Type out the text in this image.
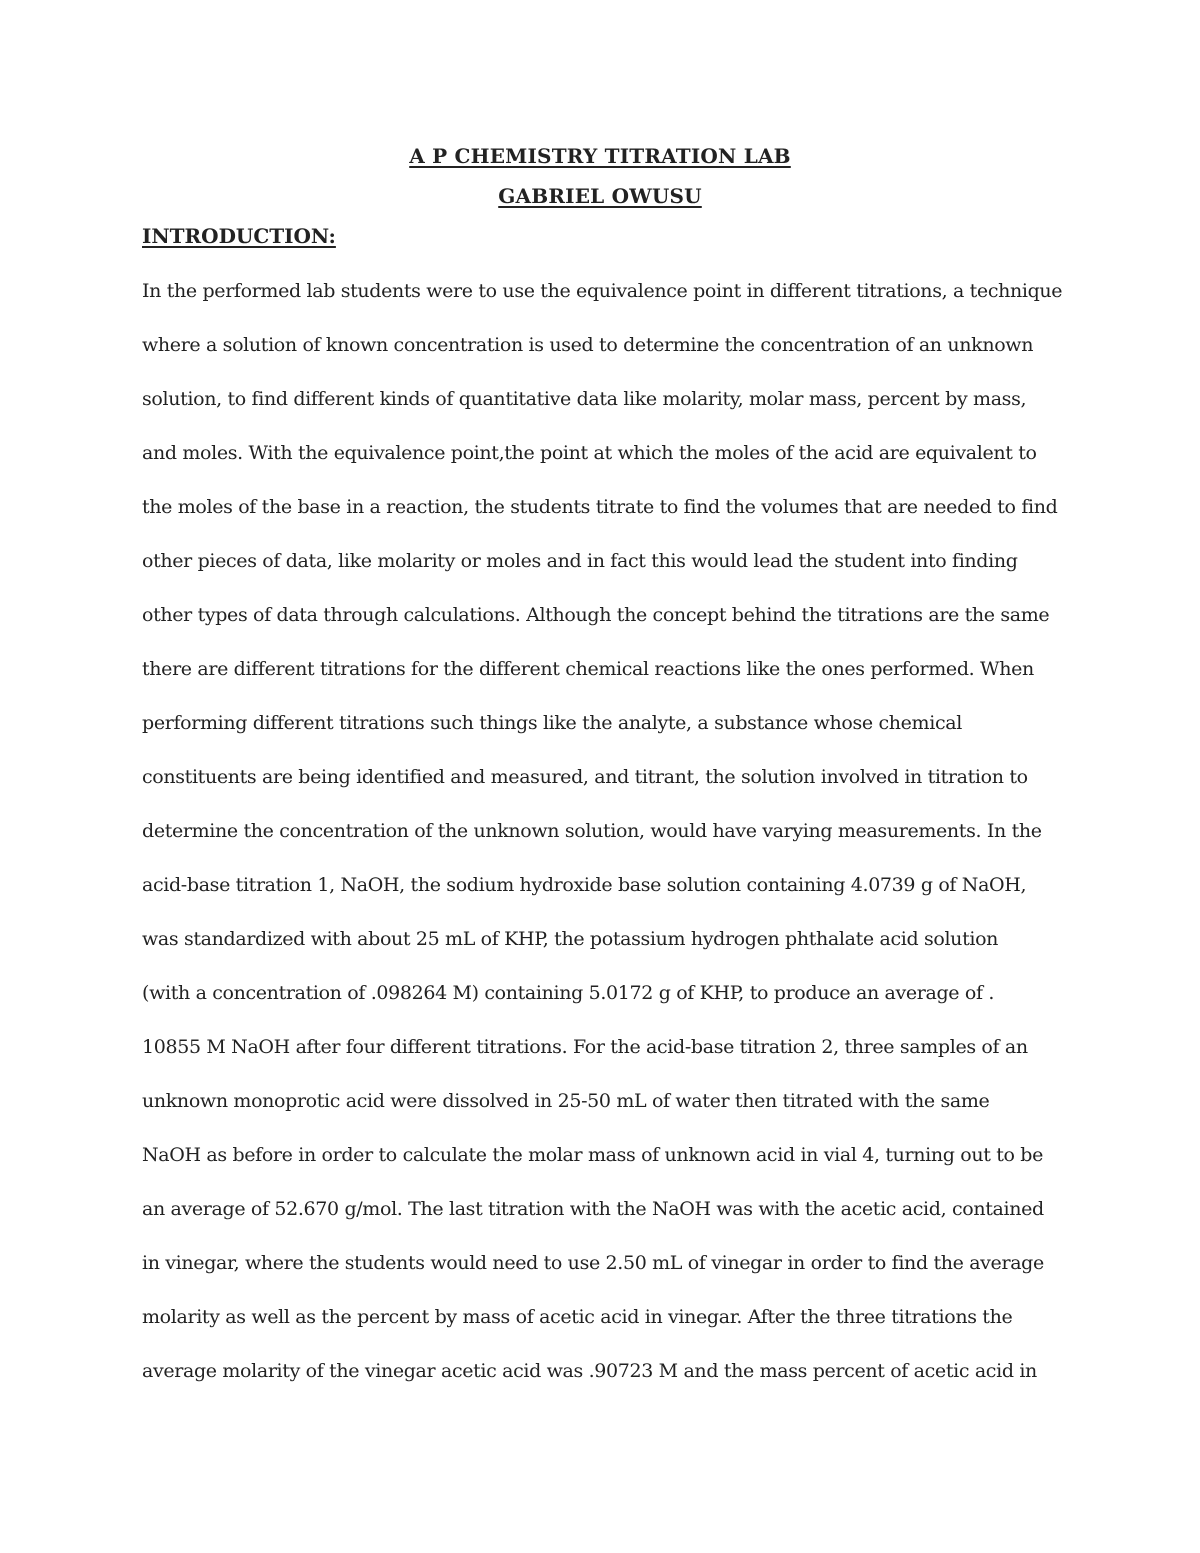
A P CHEMISTRY TITRATION LAB
GABRIEL OWUSU
INTRODUCTION:
In the performed lab students were to use the equivalence point in different titrations, a technique
where a solution of known concentration is used to determine the concentration of an unknown
solution, to find different kinds of quantitative data like molarity, molar mass, percent by mass,
and moles. With the equivalence point,the point at which the moles of the acid are equivalent to
the moles of the base in a reaction, the students titrate to find the volumes that are needed to find
other pieces of data, like molarity or moles and in fact this would lead the student into finding
other types of data through calculations. Although the concept behind the titrations are the same
there are different titrations for the different chemical reactions like the ones performed. When
performing different titrations such things like the analyte, a substance whose chemical
constituents are being identified and measured, and titrant, the solution involved in titration to
determine the concentration of the unknown solution, would have varying measurements. In the
acid-base titration 1, NaOH, the sodium hydroxide base solution containing 4.0739 g of NaOH,
was standardized with about 25 mL of KHP, the potassium hydrogen phthalate acid solution
(with a concentration of .098264 M) containing 5.0172 g of KHP, to produce an average of .
10855 M NaOH after four different titrations. For the acid-base titration 2, three samples of an
unknown monoprotic acid were dissolved in 25-50 mL of water then titrated with the same
NaOH as before in order to calculate the molar mass of unknown acid in vial 4, turning out to be
an average of 52.670 g/mol. The last titration with the NaOH was with the acetic acid, contained
in vinegar, where the students would need to use 2.50 mL of vinegar in order to find the average
molarity as well as the percent by mass of acetic acid in vinegar. After the three titrations the
average molarity of the vinegar acetic acid was .90723 M and the mass percent of acetic acid in
